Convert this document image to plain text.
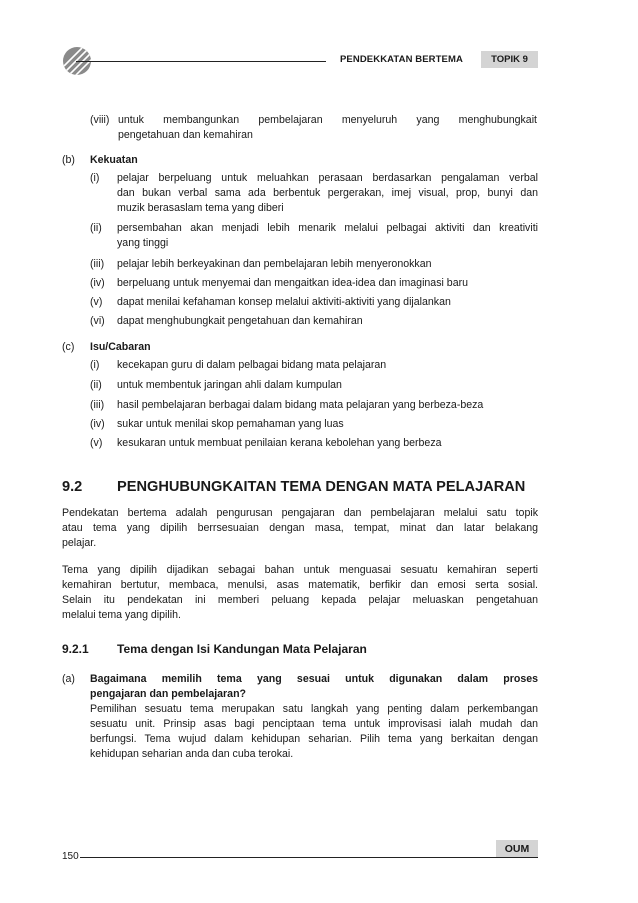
PENDEKKATAN BERTEMA	TOPIK 9
(viii) untuk membangunkan pembelajaran menyeluruh yang menghubungkait
pengetahuan dan kemahiran
(b) Kekuatan
(i) pelajar berpeluang untuk meluahkan perasaan berdasarkan pengalaman verbal
dan bukan verbal sama ada berbentuk pergerakan, imej visual, prop, bunyi dan
muzik berasaslam tema yang diberi
(ii) persembahan akan menjadi lebih menarik melalui pelbagai aktiviti dan kreativiti
yang tinggi
(iii) pelajar lebih berkeyakinan dan pembelajaran lebih menyeronokkan
(iv) berpeluang untuk menyemai dan mengaitkan idea-idea dan imaginasi baru
(v) dapat menilai kefahaman konsep melalui aktiviti-aktiviti yang dijalankan
(vi) dapat menghubungkait pengetahuan dan kemahiran
(c) Isu/Cabaran
(i) kecekapan guru di dalam pelbagai bidang mata pelajaran
(ii) untuk membentuk jaringan ahli dalam kumpulan
(iii) hasil pembelajaran berbagai dalam bidang mata pelajaran yang berbeza-beza
(iv) sukar untuk menilai skop pemahaman yang luas
(v) kesukaran untuk membuat penilaian kerana kebolehan yang berbeza
9.2 PENGHUBUNGKAITAN TEMA DENGAN MATA PELAJARAN
Pendekatan bertema adalah pengurusan pengajaran dan pembelajaran melalui satu topik
atau tema yang dipilih berrsesuaian dengan masa, tempat, minat dan latar belakang
pelajar.
Tema yang dipilih dijadikan sebagai bahan untuk menguasai sesuatu kemahiran seperti
kemahiran bertutur, membaca, menulsi, asas matematik, berfikir dan emosi serta sosial.
Selain itu pendekatan ini memberi peluang kepada pelajar meluaskan pengetahuan
melalui tema yang dipilih.
9.2.1 Tema dengan Isi Kandungan Mata Pelajaran
(a) Bagaimana memilih tema yang sesuai untuk digunakan dalam proses
pengajaran dan pembelajaran?
Pemilihan sesuatu tema merupakan satu langkah yang penting dalam perkembangan
sesuatu unit. Prinsip asas bagi penciptaan tema untuk improvisasi ialah mudah dan
berfungsi. Tema wujud dalam kehidupan seharian. Pilih tema yang berkaitan dengan
kehidupan seharian anda dan cuba terokai.
OUM
150
